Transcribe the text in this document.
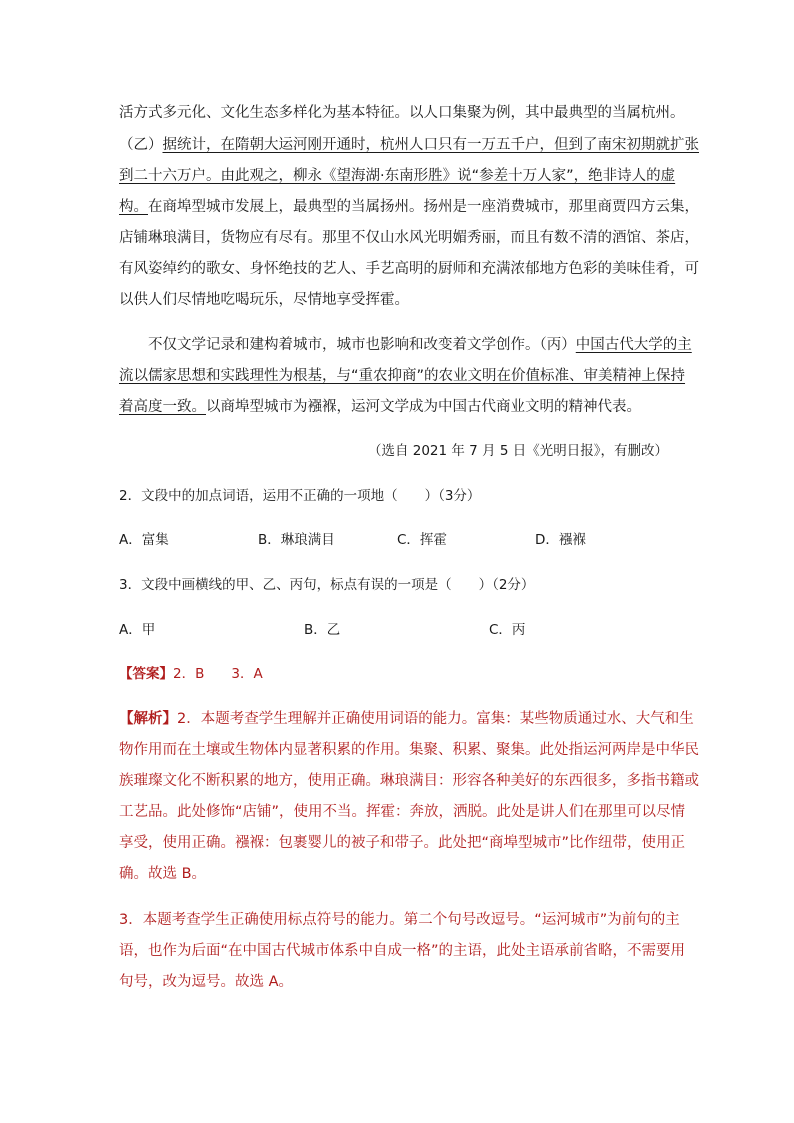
活方式多元化、文化生态多样化为基本特征。以人口集聚为例，其中最典型的当属杭州。
（乙）据统计，在隋朝大运河刚开通时，杭州人口只有一万五千户，但到了南宋初期就扩张
到二十六万户。由此观之，柳永《望海湖·东南形胜》说“参差十万人家”，绝非诗人的虚
构。在商埠型城市发展上，最典型的当属扬州。扬州是一座消费城市，那里商贾四方云集，
店铺琳琅满目，货物应有尽有。那里不仅山水风光明媚秀丽，而且有数不清的酒馆、茶店，
有风姿绰约的歌女、身怀绝技的艺人、手艺高明的厨师和充满浓郁地方色彩的美味佳肴，可
以供人们尽情地吃喝玩乐，尽情地享受挥霍。
不仅文学记录和建构着城市，城市也影响和改变着文学创作。（丙）中国古代大学的主
流以儒家思想和实践理性为根基，与“重农抑商”的农业文明在价值标准、审美精神上保持
着高度一致。以商埠型城市为襁褓，运河文学成为中国古代商业文明的精神代表。
（选自 2021 年 7 月 5 日《光明日报》，有删改）
2．文段中的加点词语，运用不正确的一项地（　　）（3分）
A．富集	B．琳琅满目	C．挥霍	D．襁褓
3．文段中画横线的甲、乙、丙句，标点有误的一项是（　　）（2分）
A．甲	B．乙	C．丙
【答案】2．B　　3．A
【解析】2．本题考查学生理解并正确使用词语的能力。富集：某些物质通过水、大气和生
物作用而在土壤或生物体内显著积累的作用。集聚、积累、聚集。此处指运河两岸是中华民
族璀璨文化不断积累的地方，使用正确。琳琅满目：形容各种美好的东西很多，多指书籍或
工艺品。此处修饰“店铺”，使用不当。挥霍：奔放，洒脱。此处是讲人们在那里可以尽情
享受，使用正确。襁褓：包裹婴儿的被子和带子。此处把“商埠型城市”比作纽带，使用正
确。故选 B。
3．本题考查学生正确使用标点符号的能力。第二个句号改逗号。“运河城市”为前句的主
语，也作为后面“在中国古代城市体系中自成一格”的主语，此处主语承前省略，不需要用
句号，改为逗号。故选 A。
